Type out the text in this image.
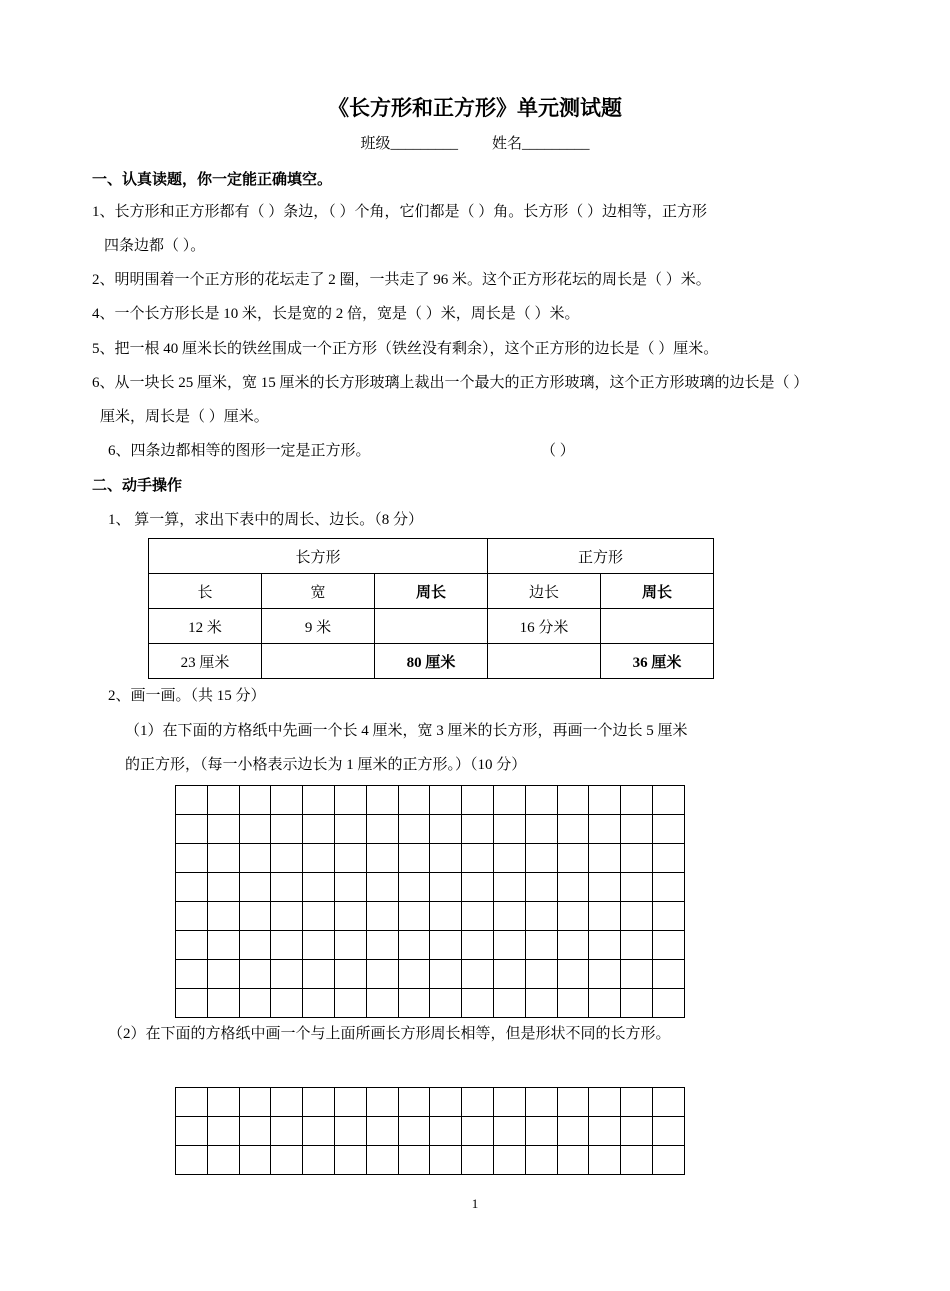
《长方形和正方形》单元测试题
班级_________ 姓名_________
一、认真读题，你一定能正确填空。
1、长方形和正方形都有（ ）条边，（ ）个角，它们都是（ ）角。长方形（ ）边相等，正方形
四条边都（ ）。
2、明明围着一个正方形的花坛走了 2 圈，一共走了 96 米。这个正方形花坛的周长是（ ）米。
4、一个长方形长是 10 米，长是宽的 2 倍，宽是（ ）米，周长是（ ）米。
5、把一根 40 厘米长的铁丝围成一个正方形（铁丝没有剩余），这个正方形的边长是（ ）厘米。
6、从一块长 25 厘米，宽 15 厘米的长方形玻璃上裁出一个最大的正方形玻璃，这个正方形玻璃的边长是（ ）
厘米，周长是（ ）厘米。
6、四条边都相等的图形一定是正方形。	（ ）
二、动手操作
1、 算一算，求出下表中的周长、边长。（8 分）
长方形			正方形	
长	宽	周长	边长	周长
12 米	9 米		16 分米	
23 厘米		80 厘米		36 厘米
2、画一画。（共 15 分）
（1）在下面的方格纸中先画一个长 4 厘米，宽 3 厘米的长方形，再画一个边长 5 厘米
的正方形，（每一小格表示边长为 1 厘米的正方形。）（10 分）
（2）在下面的方格纸中画一个与上面所画长方形周长相等，但是形状不同的长方形。
1
